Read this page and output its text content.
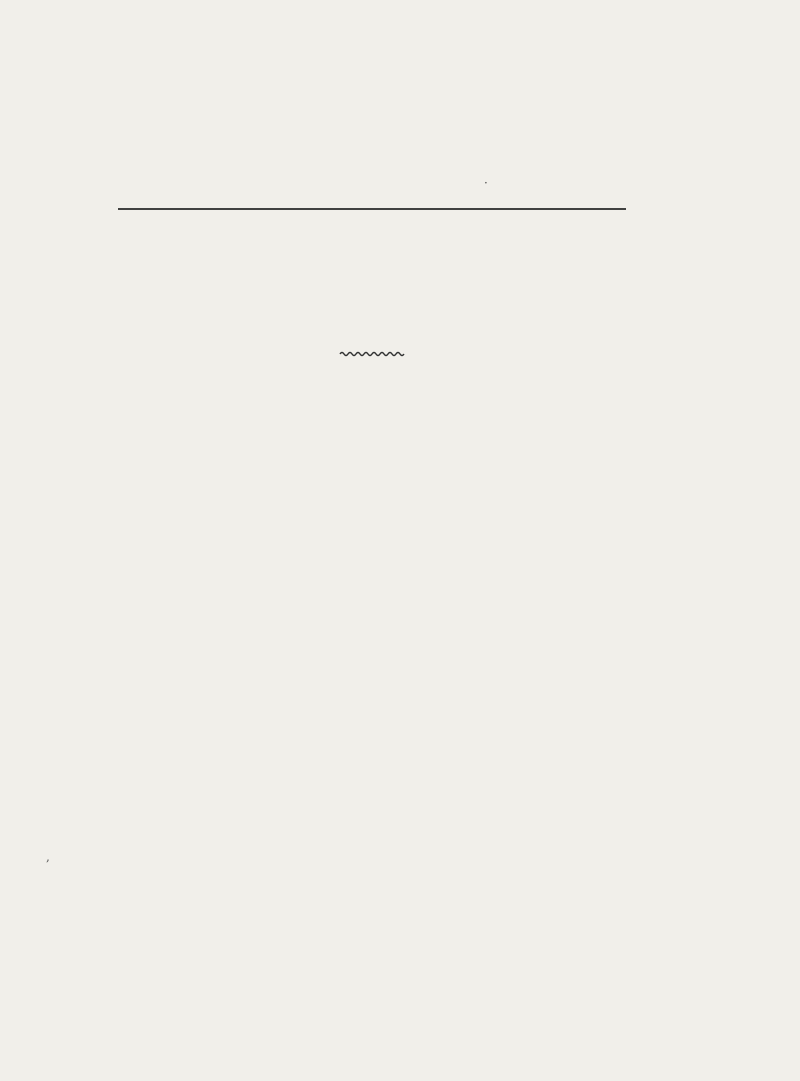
·
,
